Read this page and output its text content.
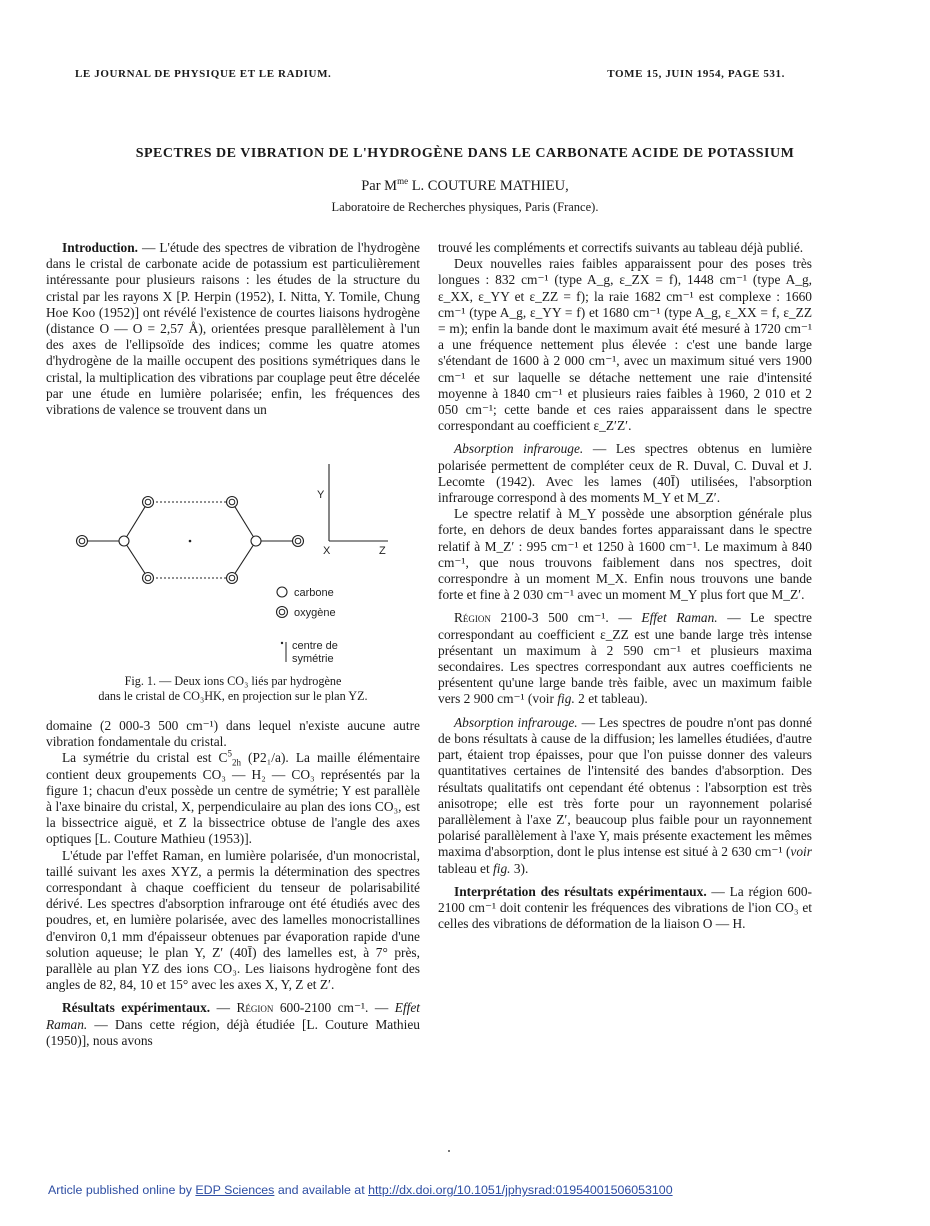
LE JOURNAL DE PHYSIQUE ET LE RADIUM.	TOME 15, JUIN 1954, PAGE 531.
SPECTRES DE VIBRATION DE L'HYDROGÈNE DANS LE CARBONATE ACIDE DE POTASSIUM
Par $M^{me}$ L. COUTURE MATHIEU,
Laboratoire de Recherches physiques, Paris (France).

Introduction. — L'étude des spectres de vibration de l'hydrogène dans le cristal de carbonate acide de potassium est particulièrement intéressante pour plusieurs raisons : les études de la structure du cristal par les rayons X [P. Herpin (1952), I. Nitta, Y. Tomile, Chung Hoe Koo (1952)] ont révélé l'existence de courtes liaisons hydrogène (distance O — O = 2,57 Å), orientées presque parallèlement à l'un des axes de l'ellipsoïde des indices; comme les quatre atomes d'hydrogène de la maille occupent des positions symétriques dans le cristal, la multiplication des vibrations par couplage peut être décelée par une étude en lumière polarisée; enfin, les fréquences des vibrations de valence se trouvent dans un

Y
X	Z
carbone
oxygène
centre de
symétrie
Fig. 1. — Deux ions CO₃ liés par hydrogène
dans le cristal de CO₃HK, en projection sur le plan YZ.

domaine (2 000-3 500 cm⁻¹) dans lequel n'existe aucune autre vibration fondamentale du cristal.

La symétrie du cristal est $C^5_{2h}$ (P2₁/a). La maille élémentaire contient deux groupements CO₃ — H₂ — CO₃ représentés par la figure 1; chacun d'eux possède un centre de symétrie; Y est parallèle à l'axe binaire du cristal, X, perpendiculaire au plan des ions CO₃, est la bissectrice aiguë, et Z la bissectrice obtuse de l'angle des axes optiques [L. Couture Mathieu (1953)].

L'étude par l'effet Raman, en lumière polarisée, d'un monocristal, taillé suivant les axes XYZ, a permis la détermination des spectres correspondant à chaque coefficient du tenseur de polarisabilité dérivé. Les spectres d'absorption infrarouge ont été étudiés avec des poudres, et, en lumière polarisée, avec des lamelles monocristallines d'environ 0,1 mm d'épaisseur obtenues par évaporation rapide d'une solution aqueuse; le plan Y, Z′ (40Ī) des lamelles est, à 7° près, parallèle au plan YZ des ions CO₃. Les liaisons hydrogène font des angles de 82, 84, 10 et 15° avec les axes X, Y, Z et Z′.

Résultats expérimentaux. — Région 600-2100 cm⁻¹. — Effet Raman. — Dans cette région, déjà étudiée [L. Couture Mathieu (1950)], nous avons

trouvé les compléments et correctifs suivants au tableau déjà publié.

Deux nouvelles raies faibles apparaissent pour des poses très longues : 832 cm⁻¹ (type A_g, ε_ZX = f), 1448 cm⁻¹ (type A_g, ε_XX, ε_YY et ε_ZZ = f); la raie 1682 cm⁻¹ est complexe : 1660 cm⁻¹ (type A_g, ε_YY = f) et 1680 cm⁻¹ (type A_g, ε_XX = f, ε_ZZ = m); enfin la bande dont le maximum avait été mesuré à 1720 cm⁻¹ a une fréquence nettement plus élevée : c'est une bande large s'étendant de 1600 à 2 000 cm⁻¹, avec un maximum situé vers 1900 cm⁻¹ et sur laquelle se détache nettement une raie d'intensité moyenne à 1840 cm⁻¹ et plusieurs raies faibles à 1960, 2 010 et 2 050 cm⁻¹; cette bande et ces raies apparaissent dans le spectre correspondant au coefficient ε_Z′Z′.

Absorption infrarouge. — Les spectres obtenus en lumière polarisée permettent de compléter ceux de R. Duval, C. Duval et J. Lecomte (1942). Avec les lames (40Ī) utilisées, l'absorption infrarouge correspond à des moments M_Y et M_Z′.

Le spectre relatif à M_Y possède une absorption générale plus forte, en dehors de deux bandes fortes apparaissant dans le spectre relatif à M_Z′ : 995 cm⁻¹ et 1250 à 1600 cm⁻¹. Le maximum à 840 cm⁻¹, que nous trouvons faiblement dans nos spectres, doit correspondre à un moment M_X. Enfin nous trouvons une bande forte et fine à 2 030 cm⁻¹ avec un moment M_Y plus fort que M_Z′.

Région 2100-3 500 cm⁻¹. — Effet Raman. — Le spectre correspondant au coefficient ε_ZZ est une bande large très intense présentant un maximum à 2 590 cm⁻¹ et plusieurs maxima secondaires. Les spectres correspondant aux autres coefficients ne présentent qu'une large bande très faible, avec un maximum faible vers 2 900 cm⁻¹ (voir fig. 2 et tableau).

Absorption infrarouge. — Les spectres de poudre n'ont pas donné de bons résultats à cause de la diffusion; les lamelles étudiées, d'autre part, étaient trop épaisses, pour que l'on puisse donner des valeurs quantitatives certaines de l'intensité des bandes d'absorption. Des résultats qualitatifs ont cependant été obtenus : l'absorption est très anisotrope; elle est très forte pour un rayonnement polarisé parallèlement à l'axe Z′, beaucoup plus faible pour un rayonnement polarisé parallèlement à l'axe Y, mais présente exactement les mêmes maxima d'absorption, dont le plus intense est situé à 2 630 cm⁻¹ (voir tableau et fig. 3).

Interprétation des résultats expérimentaux. — La région 600-2100 cm⁻¹ doit contenir les fréquences des vibrations de l'ion CO₃ et celles des vibrations de déformation de la liaison O — H.

Article published online by EDP Sciences and available at http://dx.doi.org/10.1051/jphysrad:01954001506053100
